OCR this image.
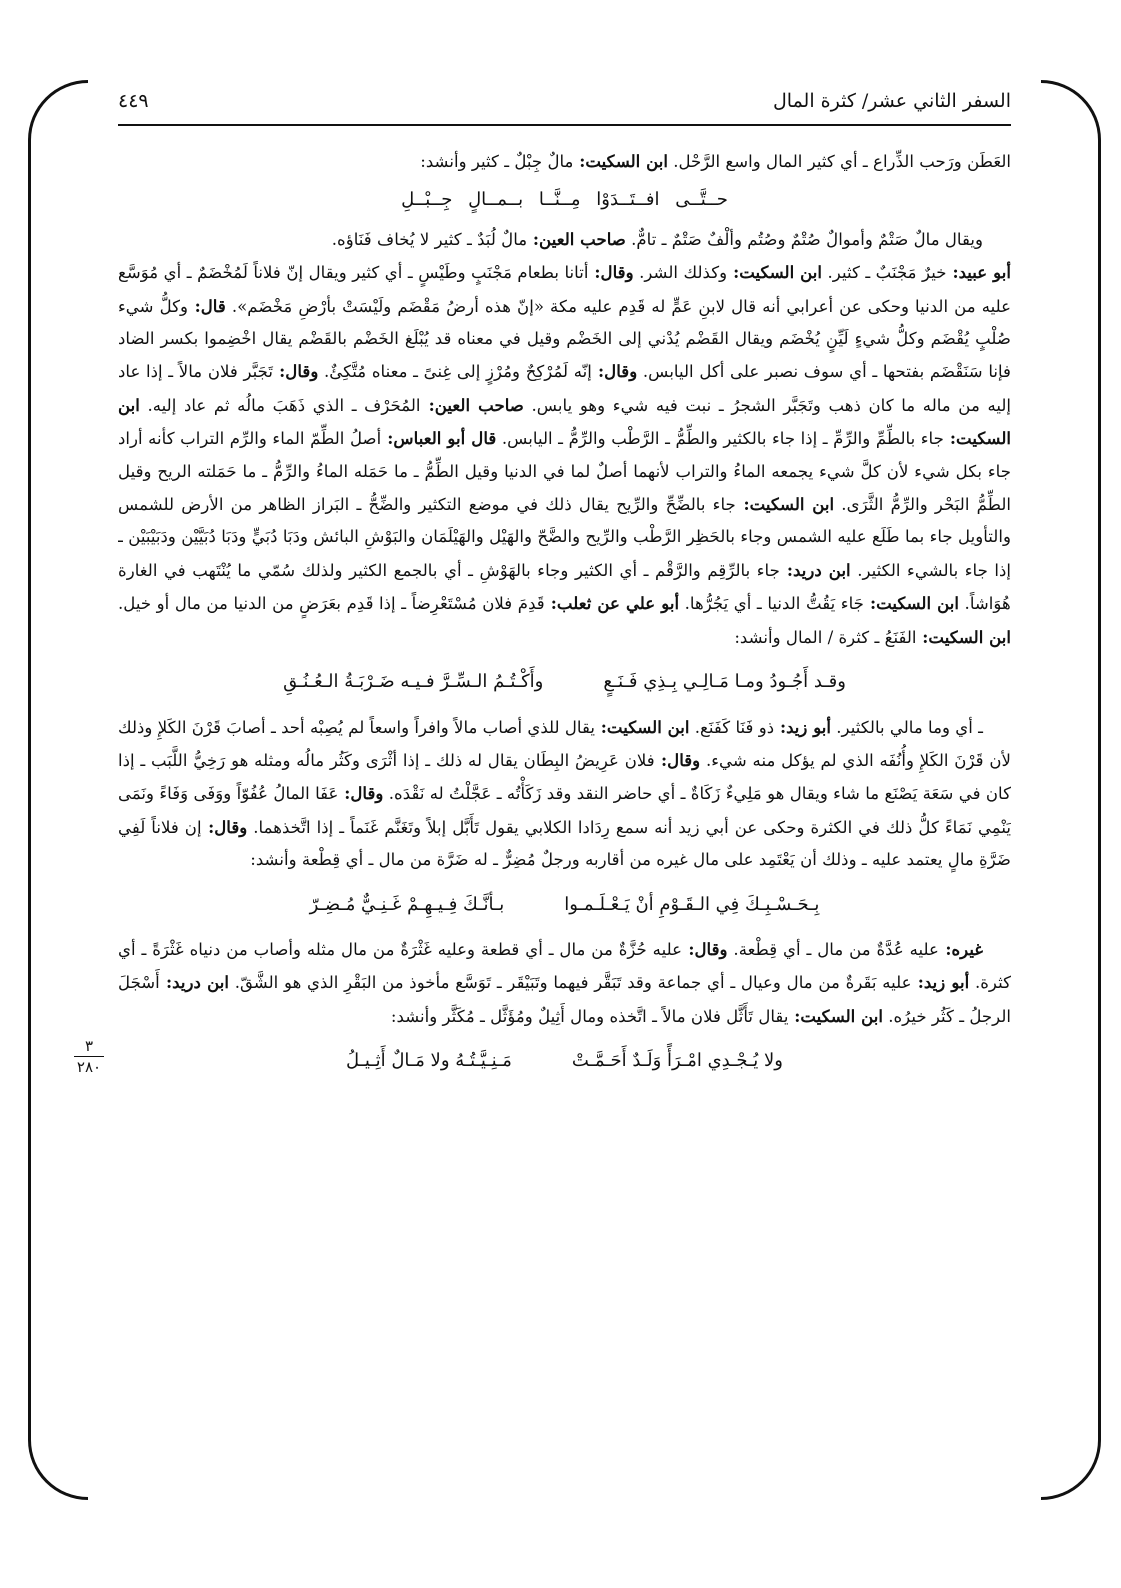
السفر الثاني عشر/ كثرة المال
٤٤٩
٣
٢٨٠

العَطَن ورَحب الذِّراع ـ أي كثير المال واسع الرَّحْل. ابن السكيت: مالٌ جِبْلٌ ـ كثير وأنشد:

حــتَّــى افــتَــدَوْا مِــنَّــا بــمــالٍ جِــبْــلِ

ويقال مالٌ صَتْمٌ وأموالٌ صُتْمٌ وصُتُم وألْفٌ صَتْمٌ ـ تامٌّ. صاحب العين: مالٌ لُبَدٌ ـ كثير لا يُخاف فَنَاؤه.

أبو عبيد: خيرٌ مَجْنَبٌ ـ كثير. ابن السكيت: وكذلك الشر. وقال: أتانا بطعام مَجْنَبٍ وطَيْسٍ ـ أي كثير ويقال إنّ فلاناً لَمُخْضَمٌ ـ أي مُوَسَّع عليه من الدنيا وحكى عن أعرابي أنه قال لابنِ عَمٍّ له قَدِم عليه مكة «إنّ هذه أرضُ مَقْضَم ولَيْسَتْ بأرْضِ مَخْضَم». قال: وكلُّ شيء صُلْبٍ يُقْضَم وكلُّ شيءٍ لَيِّنٍ يُخْضَم ويقال القَضْم يُدْني إلى الخَضْم وقيل في معناه قد يُبْلَغ الخَضْم بالقَضْم يقال اخْضِموا بكسر الضاد فإنا سَنَقْضَم بفتحها ـ أي سوف نصبر على أكل اليابس. وقال: إنّه لَمُرْكِحٌ ومُرْزٍ إلى غِنىً ـ معناه مُتَّكِئٌ. وقال: تَجَبَّر فلان مالاً ـ إذا عاد إليه من ماله ما كان ذهب وتَجَبَّر الشجرُ ـ نبت فيه شيء وهو يابس. صاحب العين: المُحَرْف ـ الذي ذَهَبَ مالُه ثم عاد إليه. ابن السكيت: جاء بالطِّمِّ والرِّمِّ ـ إذا جاء بالكثير والطِّمُّ ـ الرَّطْب والرِّمُّ ـ اليابس. قال أبو العباس: أصلُ الطِّمّ الماء والرِّم التراب كأنه أراد جاء بكل شيء لأن كلَّ شيء يجمعه الماءُ والتراب لأنهما أصلٌ لما في الدنيا وقيل الطِّمُّ ـ ما حَمَله الماءُ والرِّمُّ ـ ما حَمَلته الريح وقيل الطِّمُّ البَحْر والرِّمُّ الثَّرَى. ابن السكيت: جاء بالضِّحِّ والرِّيح يقال ذلك في موضع التكثير والضِّحُّ ـ البَراز الظاهر من الأرض للشمس والتأويل جاء بما طَلَع عليه الشمس وجاء بالحَظِر الرَّطْب والرِّيح والضَّحّ والهَيْل والهَيْلَمَان والبَوْشِ البائش ودَبَا دُبَيٍّ ودَبَا دُبَيَّيْن ودَبَيْبَيْن ـ إذا جاء بالشيء الكثير. ابن دريد: جاء بالرِّقِم والرَّقْم ـ أي الكثير وجاء بالهَوْشِ ـ أي بالجمع الكثير ولذلك سُمّي ما يُنْتَهب في الغارة هُوَاشاً. ابن السكيت: جَاء يَقُتُّ الدنيا ـ أي يَجُرُّها. أبو علي عن ثعلب: قَدِمَ فلان مُسْتَعْرِضاً ـ إذا قَدِم بعَرَضٍ من الدنيا من مال أو خيل. ابن السكيت: الفَنَعُ ـ كثرة / المال وأنشد:

وقـد أَجُـودُ ومـا مَـالِـي بِـذِي فَـنَـعٍ
وأَكْـتُـمُ الـسِّـرَّ فـيـه ضَـرْبَـةُ الـعُـنُـقِ

ـ أي وما مالي بالكثير. أبو زيد: ذو فَنَا كَفَنَع. ابن السكيت: يقال للذي أصاب مالاً وافراً واسعاً لم يُصِبْه أحد ـ أصابَ قَرْنَ الكَلإِ وذلك لأن قَرْنَ الكَلإِ وأُنُفَه الذي لم يؤكل منه شيء. وقال: فلان عَرِيضُ البِطَان يقال له ذلك ـ إذا أثْرَى وكَثُر مالُه ومثله هو رَخِيُّ اللَّبَب ـ إذا كان في سَعَة يَصْنَع ما شاء ويقال هو مَلِيءٌ زَكَاةٌ ـ أي حاضر النقد وقد زَكَأْتُه ـ عَجَّلْتُ له نَقْدَه. وقال: عَفَا المالُ عُفُوّاً ووَفَى وَفَاءً ونَمَى يَنْمِي نَمَاءً كلُّ ذلك في الكثرة وحكى عن أبي زيد أنه سمع رِدَادا الكلابي يقول تَأَبَّل إبلاً وتَغَنَّم غَنَماً ـ إذا اتَّخذهما. وقال: إن فلاناً لَفِي ضَرَّةِ مالٍ يعتمد عليه ـ وذلك أن يَعْتَمِد على مال غيره من أقاربه ورجلٌ مُضِرٌّ ـ له ضَرَّة من مال ـ أي قِطْعة وأنشد:

بِـحَـسْـبِـكَ فِي الـقَـوْمِ أنْ يَـعْـلَـمـوا
بـأنَّـكَ فِـيـهِـمْ غَـنِـيٌّ مُـضِـرّ

غيره: عليه عُدَّةٌ من مال ـ أي قِطْعة. وقال: عليه حُزَّةٌ من مال ـ أي قطعة وعليه غَثْرَةٌ من مال مثله وأصاب من دنياه غَثْرَةً ـ أي كثرة. أبو زيد: عليه بَقَرةٌ من مال وعيال ـ أي جماعة وقد تَبَقَّر فيهما وتَبَيْقَر ـ تَوَسَّع مأخوذ من البَقْرِ الذي هو الشَّقّ. ابن دريد: أَسْجَلَ الرجلُ ـ كَثُر خيرُه. ابن السكيت: يقال تَأَثَّل فلان مالاً ـ اتَّخذه ومال أَثِيلٌ ومُؤَثَّل ـ مُكَثَّر وأنشد:

ولا يُـجْـدِي امْـرَأً وَلَـدٌ أَحَـمَّـتْ
مَـنِـيَّـتُـهُ ولا مَـالٌ أَثِـيـلُ
